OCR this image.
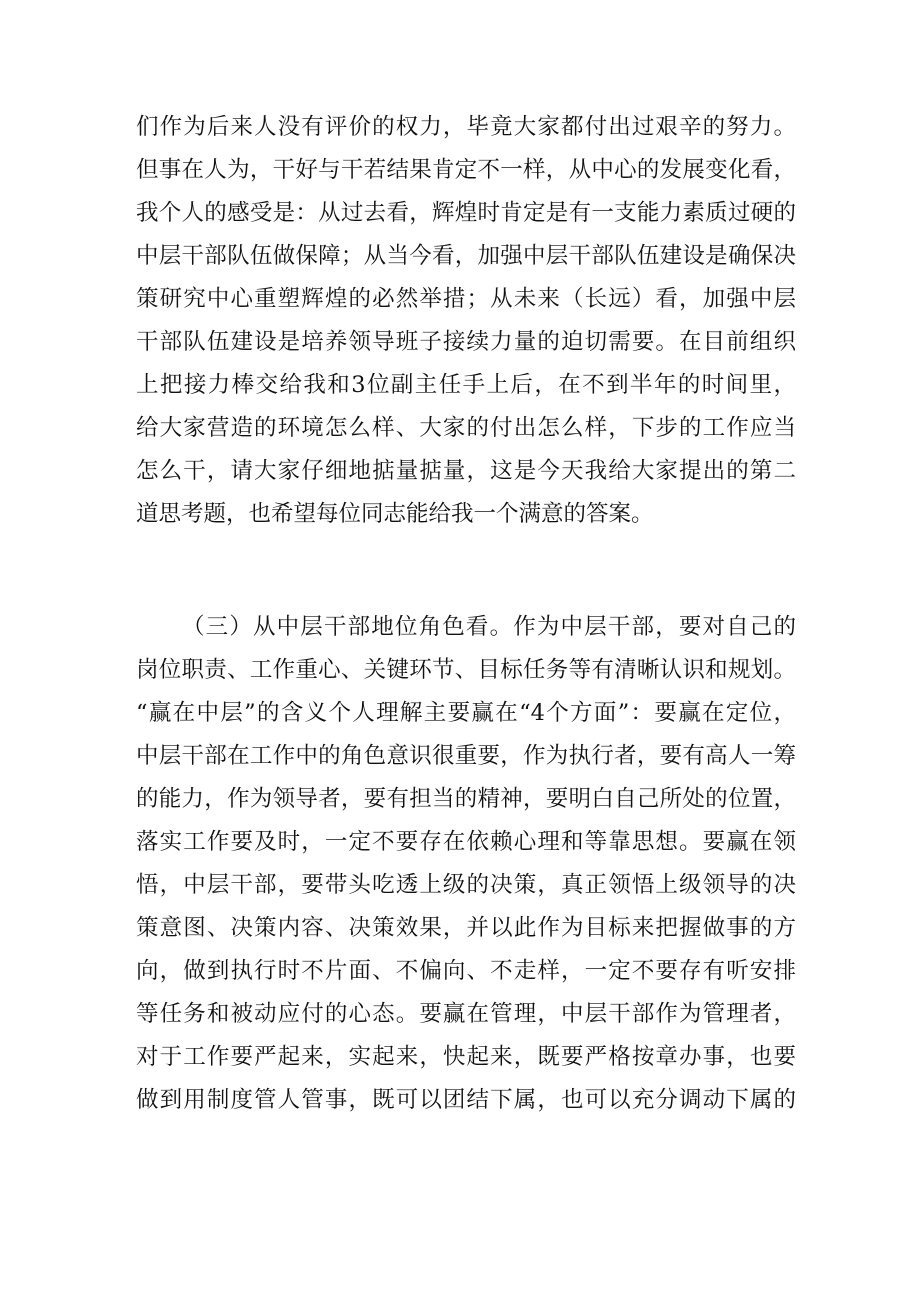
们作为后来人没有评价的权力，毕竟大家都付出过艰辛的努力。
但事在人为，干好与干若结果肯定不一样，从中心的发展变化看，
我个人的感受是：从过去看，辉煌时肯定是有一支能力素质过硬的
中层干部队伍做保障；从当今看，加强中层干部队伍建设是确保决
策研究中心重塑辉煌的必然举措；从未来（长远）看，加强中层
干部队伍建设是培养领导班子接续力量的迫切需要。在目前组织
上把接力棒交给我和3位副主任手上后，在不到半年的时间里，
给大家营造的环境怎么样、大家的付出怎么样，下步的工作应当
怎么干，请大家仔细地掂量掂量，这是今天我给大家提出的第二
道思考题，也希望每位同志能给我一个满意的答案。
（三）从中层干部地位角色看。作为中层干部，要对自己的
岗位职责、工作重心、关键环节、目标任务等有清晰认识和规划。
“赢在中层”的含义个人理解主要赢在“4个方面”：要赢在定位，
中层干部在工作中的角色意识很重要，作为执行者，要有高人一筹
的能力，作为领导者，要有担当的精神，要明白自己所处的位置，
落实工作要及时，一定不要存在依赖心理和等靠思想。要赢在领
悟，中层干部，要带头吃透上级的决策，真正领悟上级领导的决
策意图、决策内容、决策效果，并以此作为目标来把握做事的方
向，做到执行时不片面、不偏向、不走样，一定不要存有听安排
等任务和被动应付的心态。要赢在管理，中层干部作为管理者，
对于工作要严起来，实起来，快起来，既要严格按章办事，也要
做到用制度管人管事，既可以团结下属，也可以充分调动下属的
